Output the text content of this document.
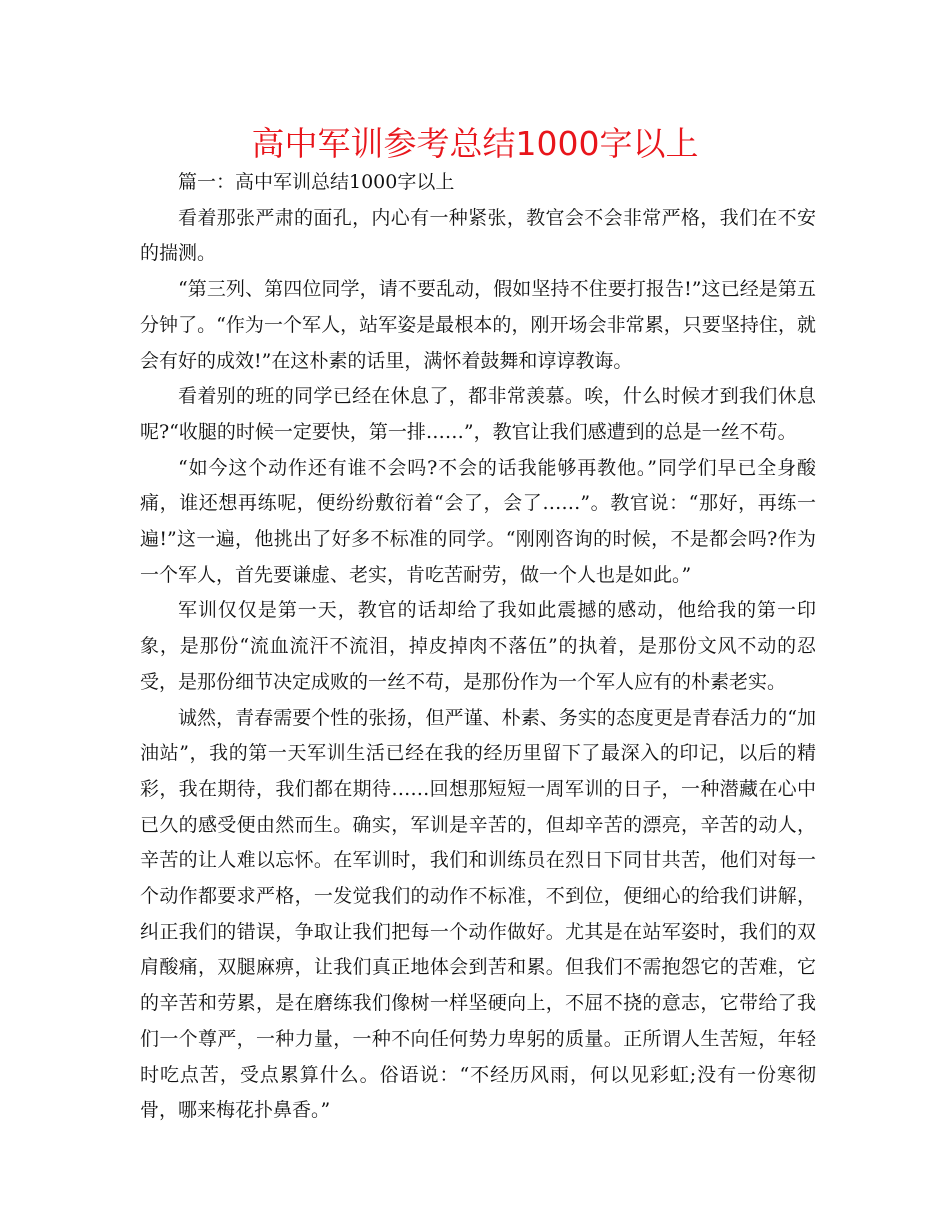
高中军训参考总结1000字以上

篇一：高中军训总结1000字以上

看着那张严肃的面孔，内心有一种紧张，教官会不会非常严格，我们在不安的揣测。

“第三列、第四位同学，请不要乱动，假如坚持不住要打报告!”这已经是第五分钟了。“作为一个军人，站军姿是最根本的，刚开场会非常累，只要坚持住，就会有好的成效!”在这朴素的话里，满怀着鼓舞和谆谆教诲。

看着别的班的同学已经在休息了，都非常羡慕。唉，什么时候才到我们休息呢?“收腿的时候一定要快，第一排……”，教官让我们感遭到的总是一丝不苟。

“如今这个动作还有谁不会吗?不会的话我能够再教他。”同学们早已全身酸痛，谁还想再练呢，便纷纷敷衍着“会了，会了……”。教官说：“那好，再练一遍!”这一遍，他挑出了好多不标准的同学。“刚刚咨询的时候，不是都会吗?作为一个军人，首先要谦虚、老实，肯吃苦耐劳，做一个人也是如此。”

军训仅仅是第一天，教官的话却给了我如此震撼的感动，他给我的第一印象，是那份“流血流汗不流泪，掉皮掉肉不落伍”的执着，是那份文风不动的忍受，是那份细节决定成败的一丝不苟，是那份作为一个军人应有的朴素老实。

诚然，青春需要个性的张扬，但严谨、朴素、务实的态度更是青春活力的“加油站”，我的第一天军训生活已经在我的经历里留下了最深入的印记，以后的精彩，我在期待，我们都在期待……回想那短短一周军训的日子，一种潜藏在心中已久的感受便由然而生。确实，军训是辛苦的，但却辛苦的漂亮，辛苦的动人，辛苦的让人难以忘怀。在军训时，我们和训练员在烈日下同甘共苦，他们对每一个动作都要求严格，一发觉我们的动作不标准，不到位，便细心的给我们讲解，纠正我们的错误，争取让我们把每一个动作做好。尤其是在站军姿时，我们的双肩酸痛，双腿麻痹，让我们真正地体会到苦和累。但我们不需抱怨它的苦难，它的辛苦和劳累，是在磨练我们像树一样坚硬向上，不屈不挠的意志，它带给了我们一个尊严，一种力量，一种不向任何势力卑躬的质量。正所谓人生苦短，年轻时吃点苦，受点累算什么。俗语说：“不经历风雨，何以见彩虹;没有一份寒彻骨，哪来梅花扑鼻香。”
